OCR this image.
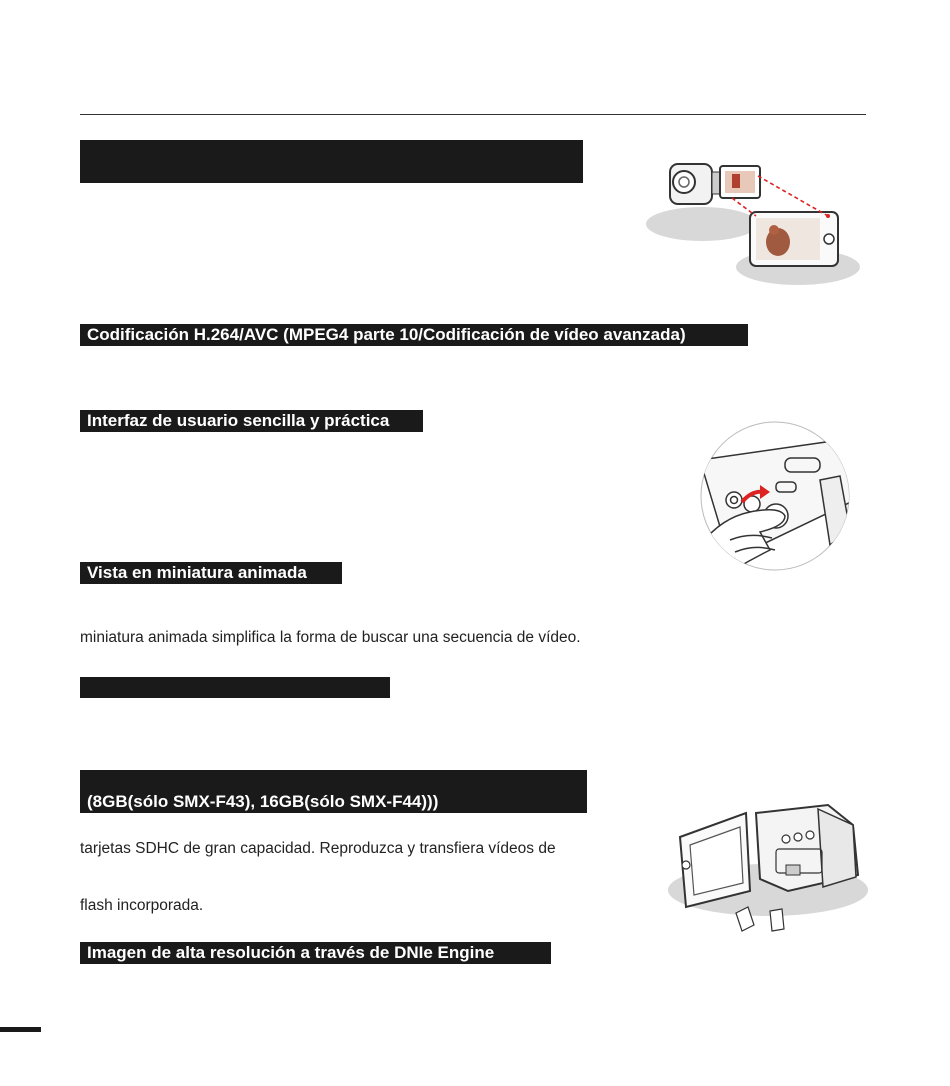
Codificación H.264/AVC (MPEG4 parte 10/Codificación de vídeo avanzada)
Interfaz de usuario sencilla y práctica
Vista en miniatura animada
miniatura animada simplifica la forma de buscar una secuencia de vídeo.
(8GB(sólo SMX-F43), 16GB(sólo SMX-F44)))
tarjetas SDHC de gran capacidad. Reproduzca y transfiera vídeos de
flash incorporada.
Imagen de alta resolución a través de DNIe Engine
